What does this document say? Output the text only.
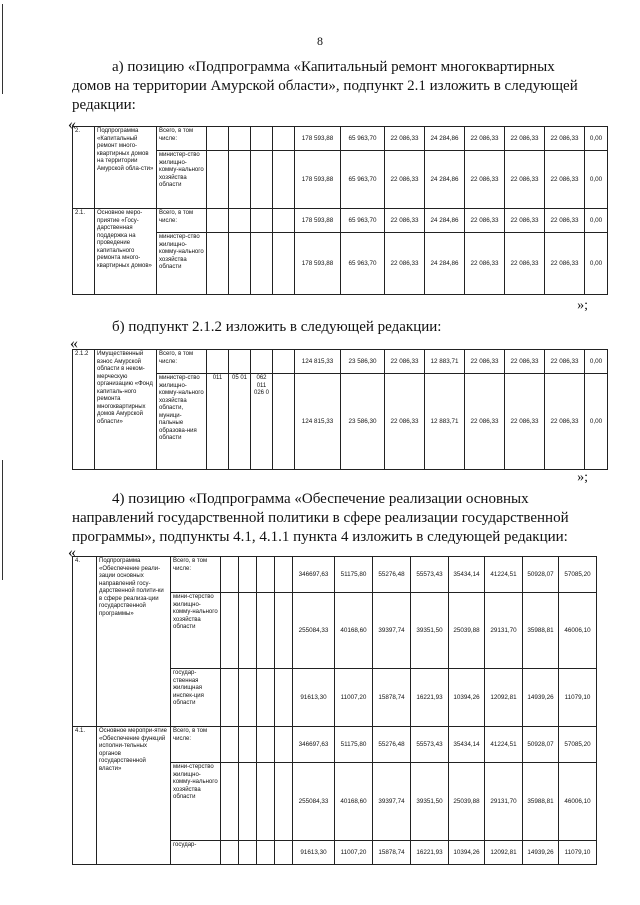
8
а) позицию «Подпрограмма «Капитальный ремонт многоквартирных домов на территории Амурской области», подпункт 2.1 изложить в следующей редакции:
« 2.	Подпрограмма «Капитальный ремонт много-квартирных домов на территории Амурской обла-сти»	Всего, в том числе:					178 593,88	65 963,70	22 086,33	24 284,86	22 086,33	22 086,33	22 086,33	0,00
		министер-ство жилищно-комму-нального хозяйства области					178 593,88	65 963,70	22 086,33	24 284,86	22 086,33	22 086,33	22 086,33	0,00
2.1.	Основное меро-приятие «Госу-дарственная поддержка на проведение капитального ремонта много-квартирных домов»	Всего, в том числе:					178 593,88	65 963,70	22 086,33	24 284,86	22 086,33	22 086,33	22 086,33	0,00
		министер-ство жилищно-комму-нального хозяйства области					178 593,88	65 963,70	22 086,33	24 284,86	22 086,33	22 086,33	22 086,33	0,00
»;
б) подпункт 2.1.2 изложить в следующей редакции:
«
2.1.2	Имущественный взнос Амурской области в неком-мерческую организацию «Фонд капиталь-ного ремонта многоквартирных домов Амурской области»	Всего, в том числе:					124 815,33	23 586,30	22 086,33	12 883,71	22 086,33	22 086,33	22 086,33	0,00
		министер-ство жилищно-комму-нального хозяйства области, муници-пальные образова-ния области	011	05 01	062 011 026 0		124 815,33	23 586,30	22 086,33	12 883,71	22 086,33	22 086,33	22 086,33	0,00
»;
4) позицию «Подпрограмма «Обеспечение реализации основных направлений государственной политики в сфере реализации государственной программы», подпункты 4.1, 4.1.1 пункта 4 изложить в следующей редакции:
« 4.	Подпрограмма «Обеспечение реали-зации основных направлений госу-дарственной полити-ки в сфере реализа-ции государственной программы»	Всего, в том числе:					346697,63	51175,80	55276,48	55573,43	35434,14	41224,51	50928,07	57085,20
		мини-стерство жилищно-комму-нального хозяйства области					255084,33	40168,60	39397,74	39351,50	25039,88	29131,70	35988,81	46006,10
		государ-ственная жилищная инспек-ция области					91613,30	11007,20	15878,74	16221,93	10394,26	12092,81	14939,26	11079,10
4.1.	Основное меропри-ятие «Обеспечение функций исполни-тельных органов государственной власти»	Всего, в том числе:					346697,63	51175,80	55276,48	55573,43	35434,14	41224,51	50928,07	57085,20
		мини-стерство жилищно-комму-нального хозяйства области					255084,33	40168,60	39397,74	39351,50	25039,88	29131,70	35988,81	46006,10
		государ-					91613,30	11007,20	15878,74	16221,93	10394,26	12092,81	14939,26	11079,10
